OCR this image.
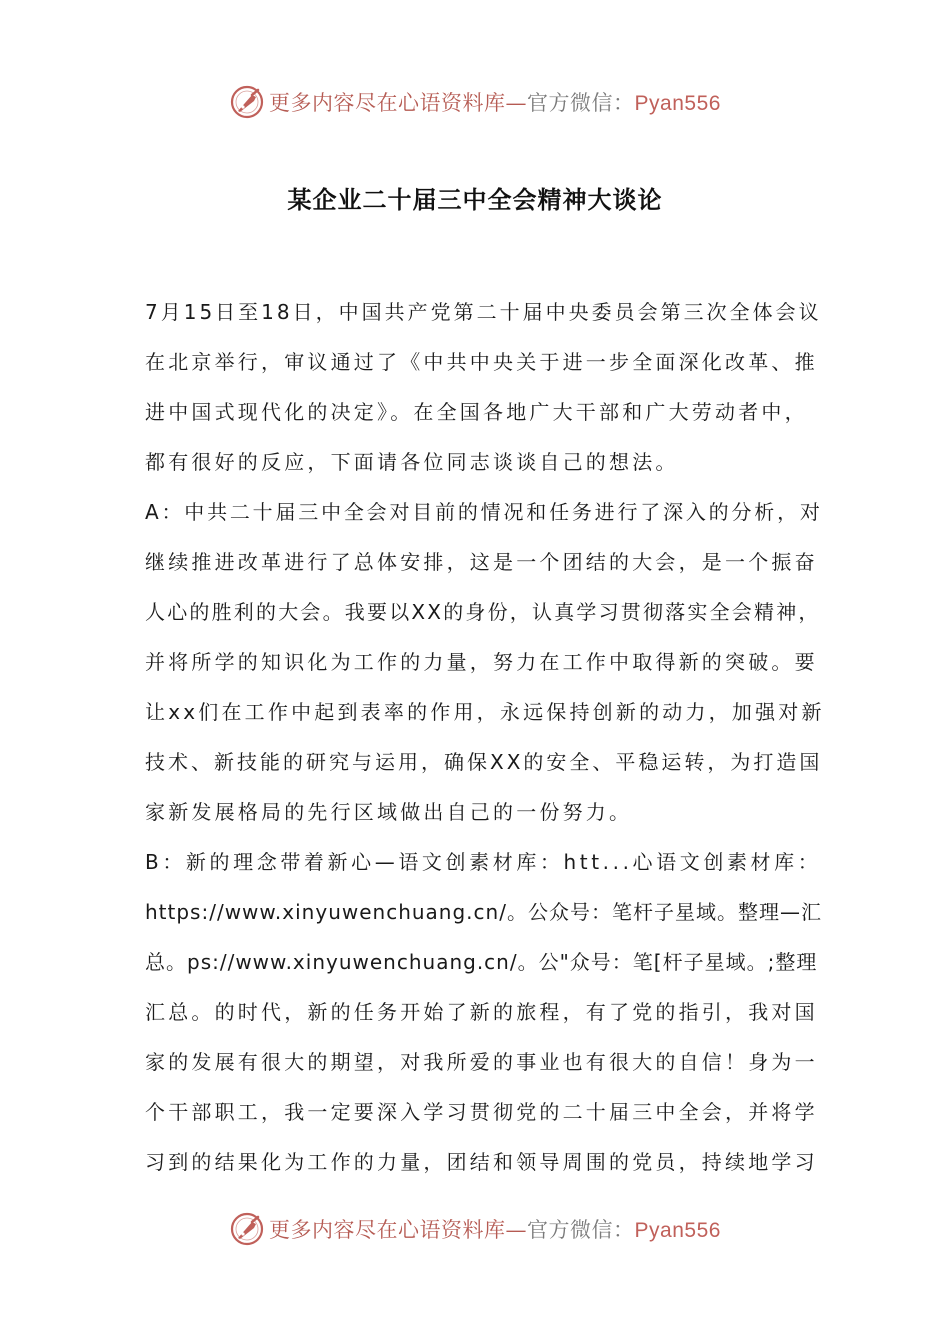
更多内容尽在心语资料库—官方微信：Pyan556
某企业二十届三中全会精神大谈论

7月15日至18日，中国共产党第二十届中央委员会第三次全体会议

在北京举行，审议通过了《中共中央关于进一步全面深化改革、推

进中国式现代化的决定》。在全国各地广大干部和广大劳动者中，

都有很好的反应，下面请各位同志谈谈自己的想法。

A：中共二十届三中全会对目前的情况和任务进行了深入的分析，对

继续推进改革进行了总体安排，这是一个团结的大会，是一个振奋

人心的胜利的大会。我要以XX的身份，认真学习贯彻落实全会精神，

并将所学的知识化为工作的力量，努力在工作中取得新的突破。要

让xx们在工作中起到表率的作用，永远保持创新的动力，加强对新

技术、新技能的研究与运用，确保XX的安全、平稳运转，为打造国

家新发展格局的先行区域做出自己的一份努力。

B：新的理念带着新心—语文创素材库：htt...心语文创素材库：

https://www.xinyuwenchuang.cn/。公众号：笔杆子星域。整理—汇

总。ps://www.xinyuwenchuang.cn/。公"众号：笔[杆子星域。;整理

汇总。的时代，新的任务开始了新的旅程，有了党的指引，我对国

家的发展有很大的期望，对我所爱的事业也有很大的自信！身为一

个干部职工，我一定要深入学习贯彻党的二十届三中全会，并将学

习到的结果化为工作的力量，团结和领导周围的党员，持续地学习

更多内容尽在心语资料库—官方微信：Pyan556
